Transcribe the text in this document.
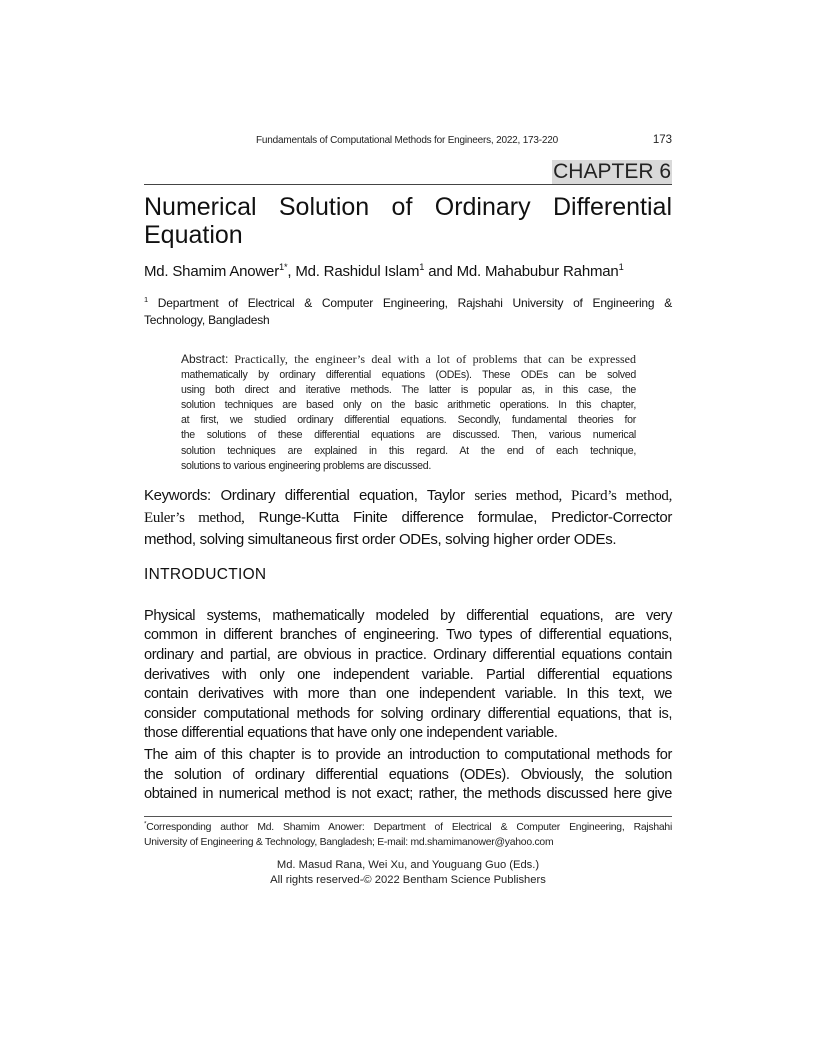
Fundamentals of Computational Methods for Engineers, 2022, 173-220	173
CHAPTER 6
Numerical Solution of Ordinary Differential
Equation
Md. Shamim Anower$^{1*}$, Md. Rashidul Islam$^1$ and Md. Mahabubur Rahman$^1$
$^1$ Department of Electrical & Computer Engineering, Rajshahi University of Engineering &
Technology, Bangladesh
Abstract: Practically, the engineer’s deal with a lot of problems that can be expressed
mathematically by ordinary differential equations (ODEs). These ODEs can be solved
using both direct and iterative methods. The latter is popular as, in this case, the
solution techniques are based only on the basic arithmetic operations. In this chapter,
at first, we studied ordinary differential equations. Secondly, fundamental theories for
the solutions of these differential equations are discussed. Then, various numerical
solution techniques are explained in this regard. At the end of each technique,
solutions to various engineering problems are discussed.
Keywords: Ordinary differential equation, Taylor series method, Picard’s method,
Euler’s method, Runge-Kutta Finite difference formulae, Predictor-Corrector
method, solving simultaneous first order ODEs, solving higher order ODEs.
INTRODUCTION
Physical systems, mathematically modeled by differential equations, are very
common in different branches of engineering. Two types of differential equations,
ordinary and partial, are obvious in practice. Ordinary differential equations contain
derivatives with only one independent variable. Partial differential equations
contain derivatives with more than one independent variable. In this text, we
consider computational methods for solving ordinary differential equations, that is,
those differential equations that have only one independent variable.
The aim of this chapter is to provide an introduction to computational methods for
the solution of ordinary differential equations (ODEs). Obviously, the solution
obtained in numerical method is not exact; rather, the methods discussed here give
*Corresponding author Md. Shamim Anower: Department of Electrical & Computer Engineering, Rajshahi
University of Engineering & Technology, Bangladesh; E-mail: md.shamimanower@yahoo.com
Md. Masud Rana, Wei Xu, and Youguang Guo (Eds.)
All rights reserved-© 2022 Bentham Science Publishers
